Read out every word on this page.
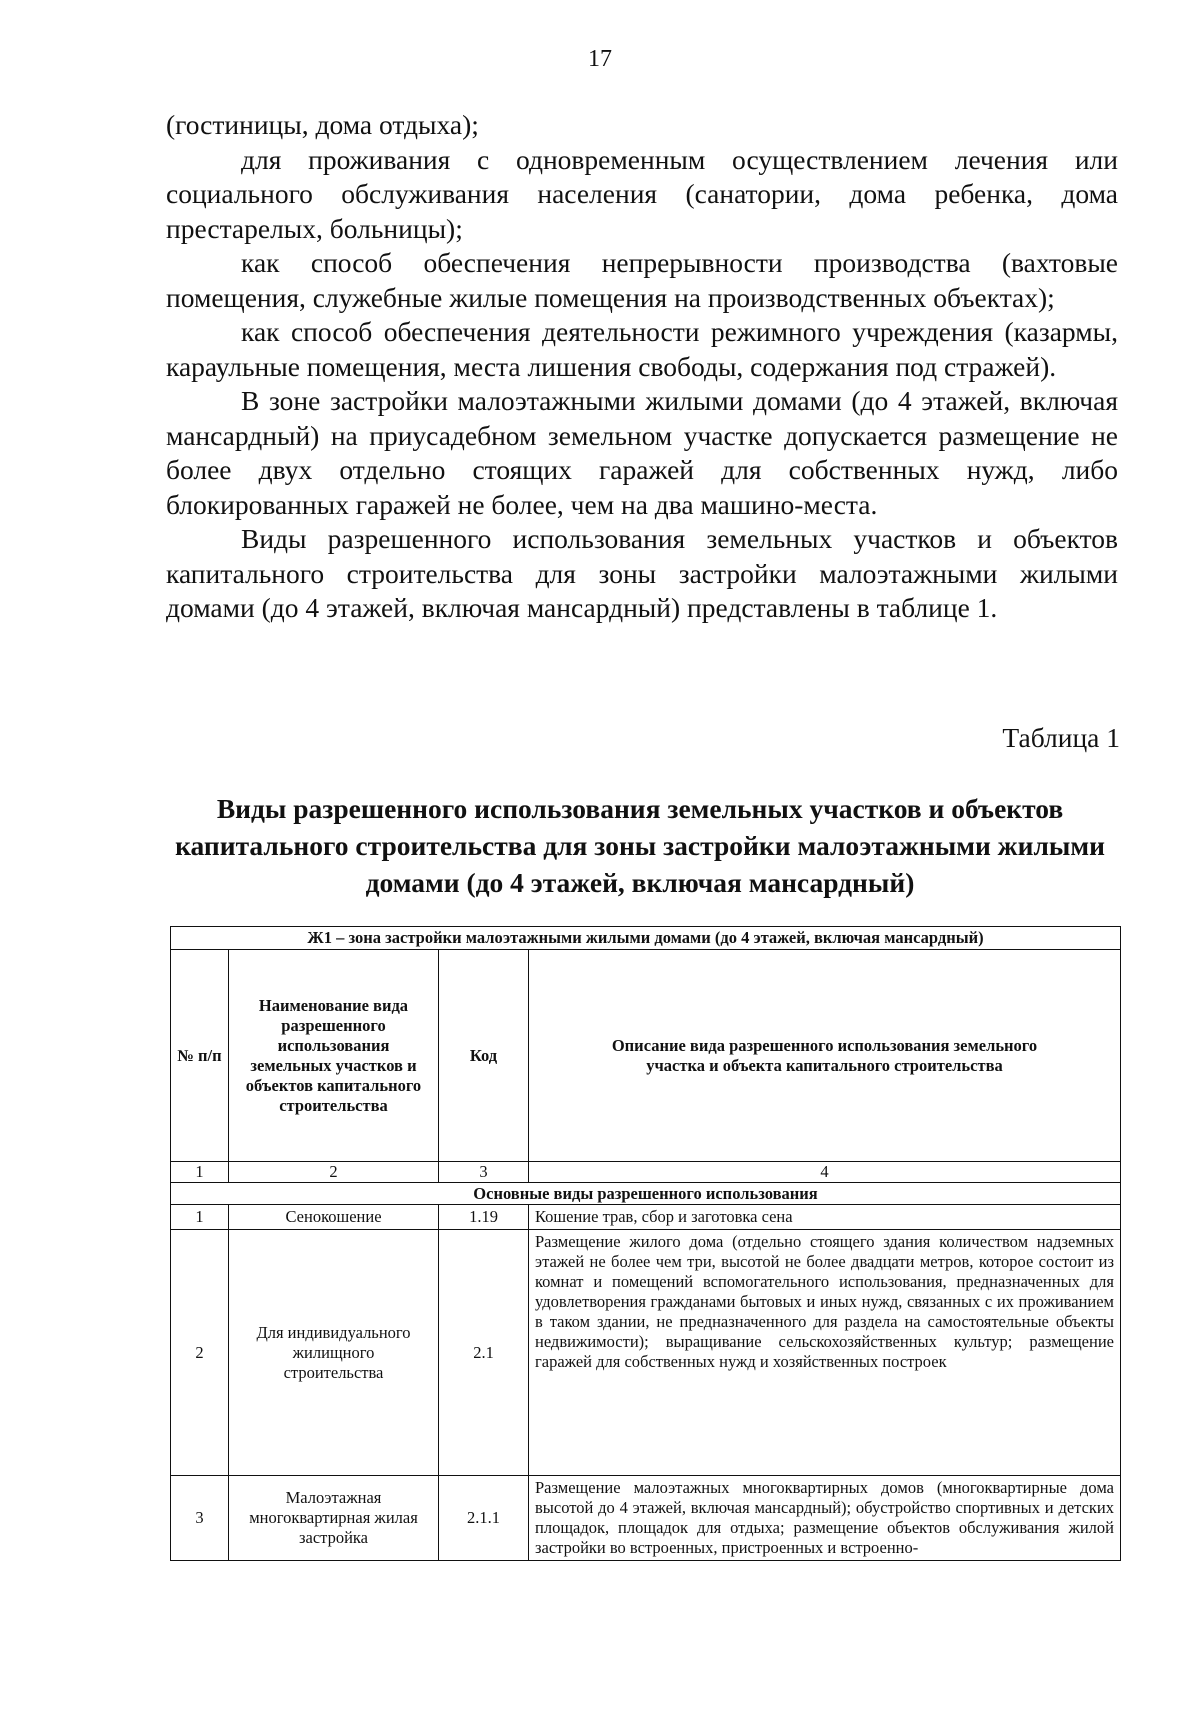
17

(гостиницы, дома отдыха);

для проживания с одновременным осуществлением лечения или социального обслуживания населения (санатории, дома ребенка, дома престарелых, больницы);

как способ обеспечения непрерывности производства (вахтовые помещения, служебные жилые помещения на производственных объектах);

как способ обеспечения деятельности режимного учреждения (казармы, караульные помещения, места лишения свободы, содержания под стражей).

В зоне застройки малоэтажными жилыми домами (до 4 этажей, включая мансардный) на приусадебном земельном участке допускается размещение не более двух отдельно стоящих гаражей для собственных нужд, либо блокированных гаражей не более, чем на два машино-места.

Виды разрешенного использования земельных участков и объектов капитального строительства для зоны застройки малоэтажными жилыми домами (до 4 этажей, включая мансардный) представлены в таблице 1.

Таблица 1
Виды разрешенного использования земельных участков и объектов капитального строительства для зоны застройки малоэтажными жилыми домами (до 4 этажей, включая мансардный)
Ж1 – зона застройки малоэтажными жилыми домами (до 4 этажей, включая мансардный)			
№ п/п	Наименование вида разрешенного использования земельных участков и объектов капитального строительства	Код	Описание вида разрешенного использования земельного участка и объекта капитального строительства
1	2	3	4
Основные виды разрешенного использования			
1	Сенокошение	1.19	Кошение трав, сбор и заготовка сена
2	Для индивидуального жилищного строительства	2.1	Размещение жилого дома (отдельно стоящего здания количеством надземных этажей не более чем три, высотой не более двадцати метров, которое состоит из комнат и помещений вспомогательного использования, предназначенных для удовлетворения гражданами бытовых и иных нужд, связанных с их проживанием в таком здании, не предназначенного для раздела на самостоятельные объекты недвижимости); выращивание сельскохозяйственных культур; размещение гаражей для собственных нужд и хозяйственных построек
3	Малоэтажная многоквартирная жилая застройка	2.1.1	Размещение малоэтажных многоквартирных домов (многоквартирные дома высотой до 4 этажей, включая мансардный); обустройство спортивных и детских площадок, площадок для отдыха; размещение объектов обслуживания жилой застройки во встроенных, пристроенных и встроенно-
